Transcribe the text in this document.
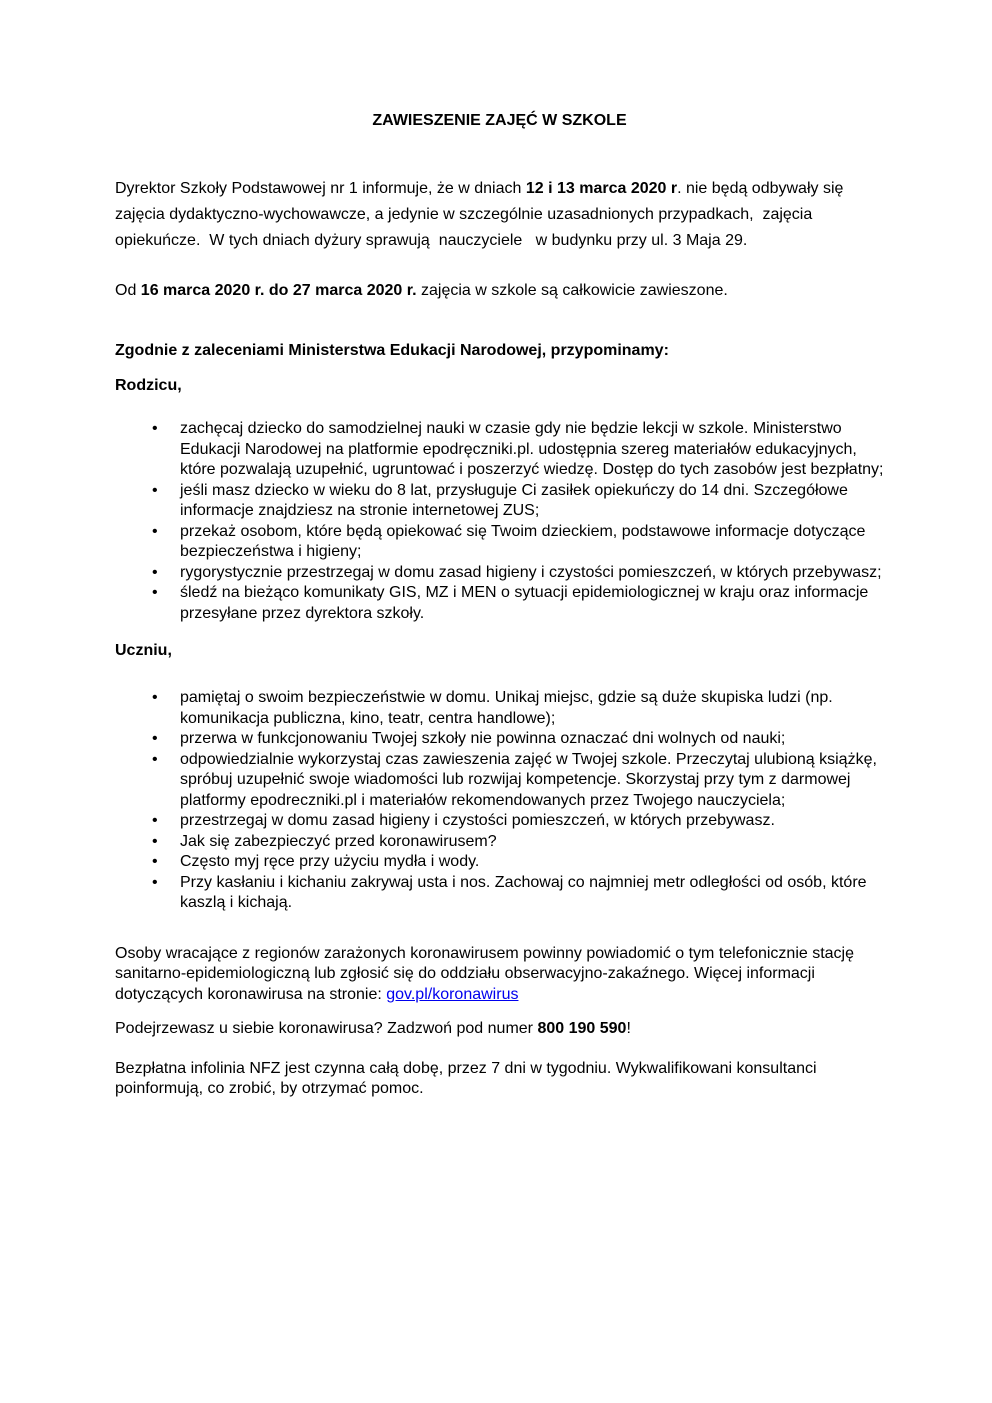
ZAWIESZENIE ZAJĘĆ W SZKOLE

Dyrektor Szkoły Podstawowej nr 1 informuje, że w dniach 12 i 13 marca 2020 r. nie będą odbywały się zajęcia dydaktyczno-wychowawcze, a jedynie w szczególnie uzasadnionych przypadkach,  zajęcia opiekuńcze.  W tych dniach dyżury sprawują  nauczyciele   w budynku przy ul. 3 Maja 29.

Od 16 marca 2020 r. do 27 marca 2020 r. zajęcia w szkole są całkowicie zawieszone.

Zgodnie z zaleceniami Ministerstwa Edukacji Narodowej, przypominamy:

Rodzicu,

• zachęcaj dziecko do samodzielnej nauki w czasie gdy nie będzie lekcji w szkole. Ministerstwo Edukacji Narodowej na platformie epodręczniki.pl. udostępnia szereg materiałów edukacyjnych, które pozwalają uzupełnić, ugruntować i poszerzyć wiedzę. Dostęp do tych zasobów jest bezpłatny;
• jeśli masz dziecko w wieku do 8 lat, przysługuje Ci zasiłek opiekuńczy do 14 dni. Szczegółowe informacje znajdziesz na stronie internetowej ZUS;
• przekaż osobom, które będą opiekować się Twoim dzieckiem, podstawowe informacje dotyczące bezpieczeństwa i higieny;
• rygorystycznie przestrzegaj w domu zasad higieny i czystości pomieszczeń, w których przebywasz;
• śledź na bieżąco komunikaty GIS, MZ i MEN o sytuacji epidemiologicznej w kraju oraz informacje przesyłane przez dyrektora szkoły.

Uczniu,

• pamiętaj o swoim bezpieczeństwie w domu. Unikaj miejsc, gdzie są duże skupiska ludzi (np. komunikacja publiczna, kino, teatr, centra handlowe);
• przerwa w funkcjonowaniu Twojej szkoły nie powinna oznaczać dni wolnych od nauki;
• odpowiedzialnie wykorzystaj czas zawieszenia zajęć w Twojej szkole. Przeczytaj ulubioną książkę, spróbuj uzupełnić swoje wiadomości lub rozwijaj kompetencje. Skorzystaj przy tym z darmowej platformy epodreczniki.pl i materiałów rekomendowanych przez Twojego nauczyciela;
• przestrzegaj w domu zasad higieny i czystości pomieszczeń, w których przebywasz.
• Jak się zabezpieczyć przed koronawirusem?
• Często myj ręce przy użyciu mydła i wody.
• Przy kasłaniu i kichaniu zakrywaj usta i nos. Zachowaj co najmniej metr odległości od osób, które kaszlą i kichają.

Osoby wracające z regionów zarażonych koronawirusem powinny powiadomić o tym telefonicznie stację sanitarno-epidemiologiczną lub zgłosić się do oddziału obserwacyjno-zakaźnego. Więcej informacji dotyczących koronawirusa na stronie: gov.pl/koronawirus

Podejrzewasz u siebie koronawirusa? Zadzwoń pod numer 800 190 590!

Bezpłatna infolinia NFZ jest czynna całą dobę, przez 7 dni w tygodniu. Wykwalifikowani konsultanci poinformują, co zrobić, by otrzymać pomoc.
